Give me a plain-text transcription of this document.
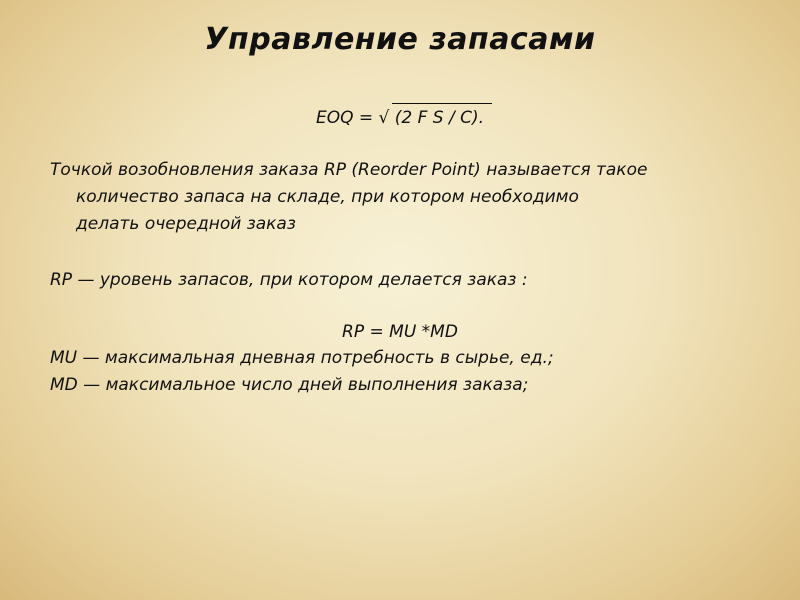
Управление запасами
EOQ = √ (2 F S / C).
Точкой возобновления заказа RP (Reorder Point) называется такое
количество запаса на складе, при котором необходимо
делать очередной заказ
RP — уровень запасов, при котором делается заказ :
RP = MU *MD
MU — максимальная дневная потребность в сырье, ед.;
MD — максимальное число дней выполнения заказа;
